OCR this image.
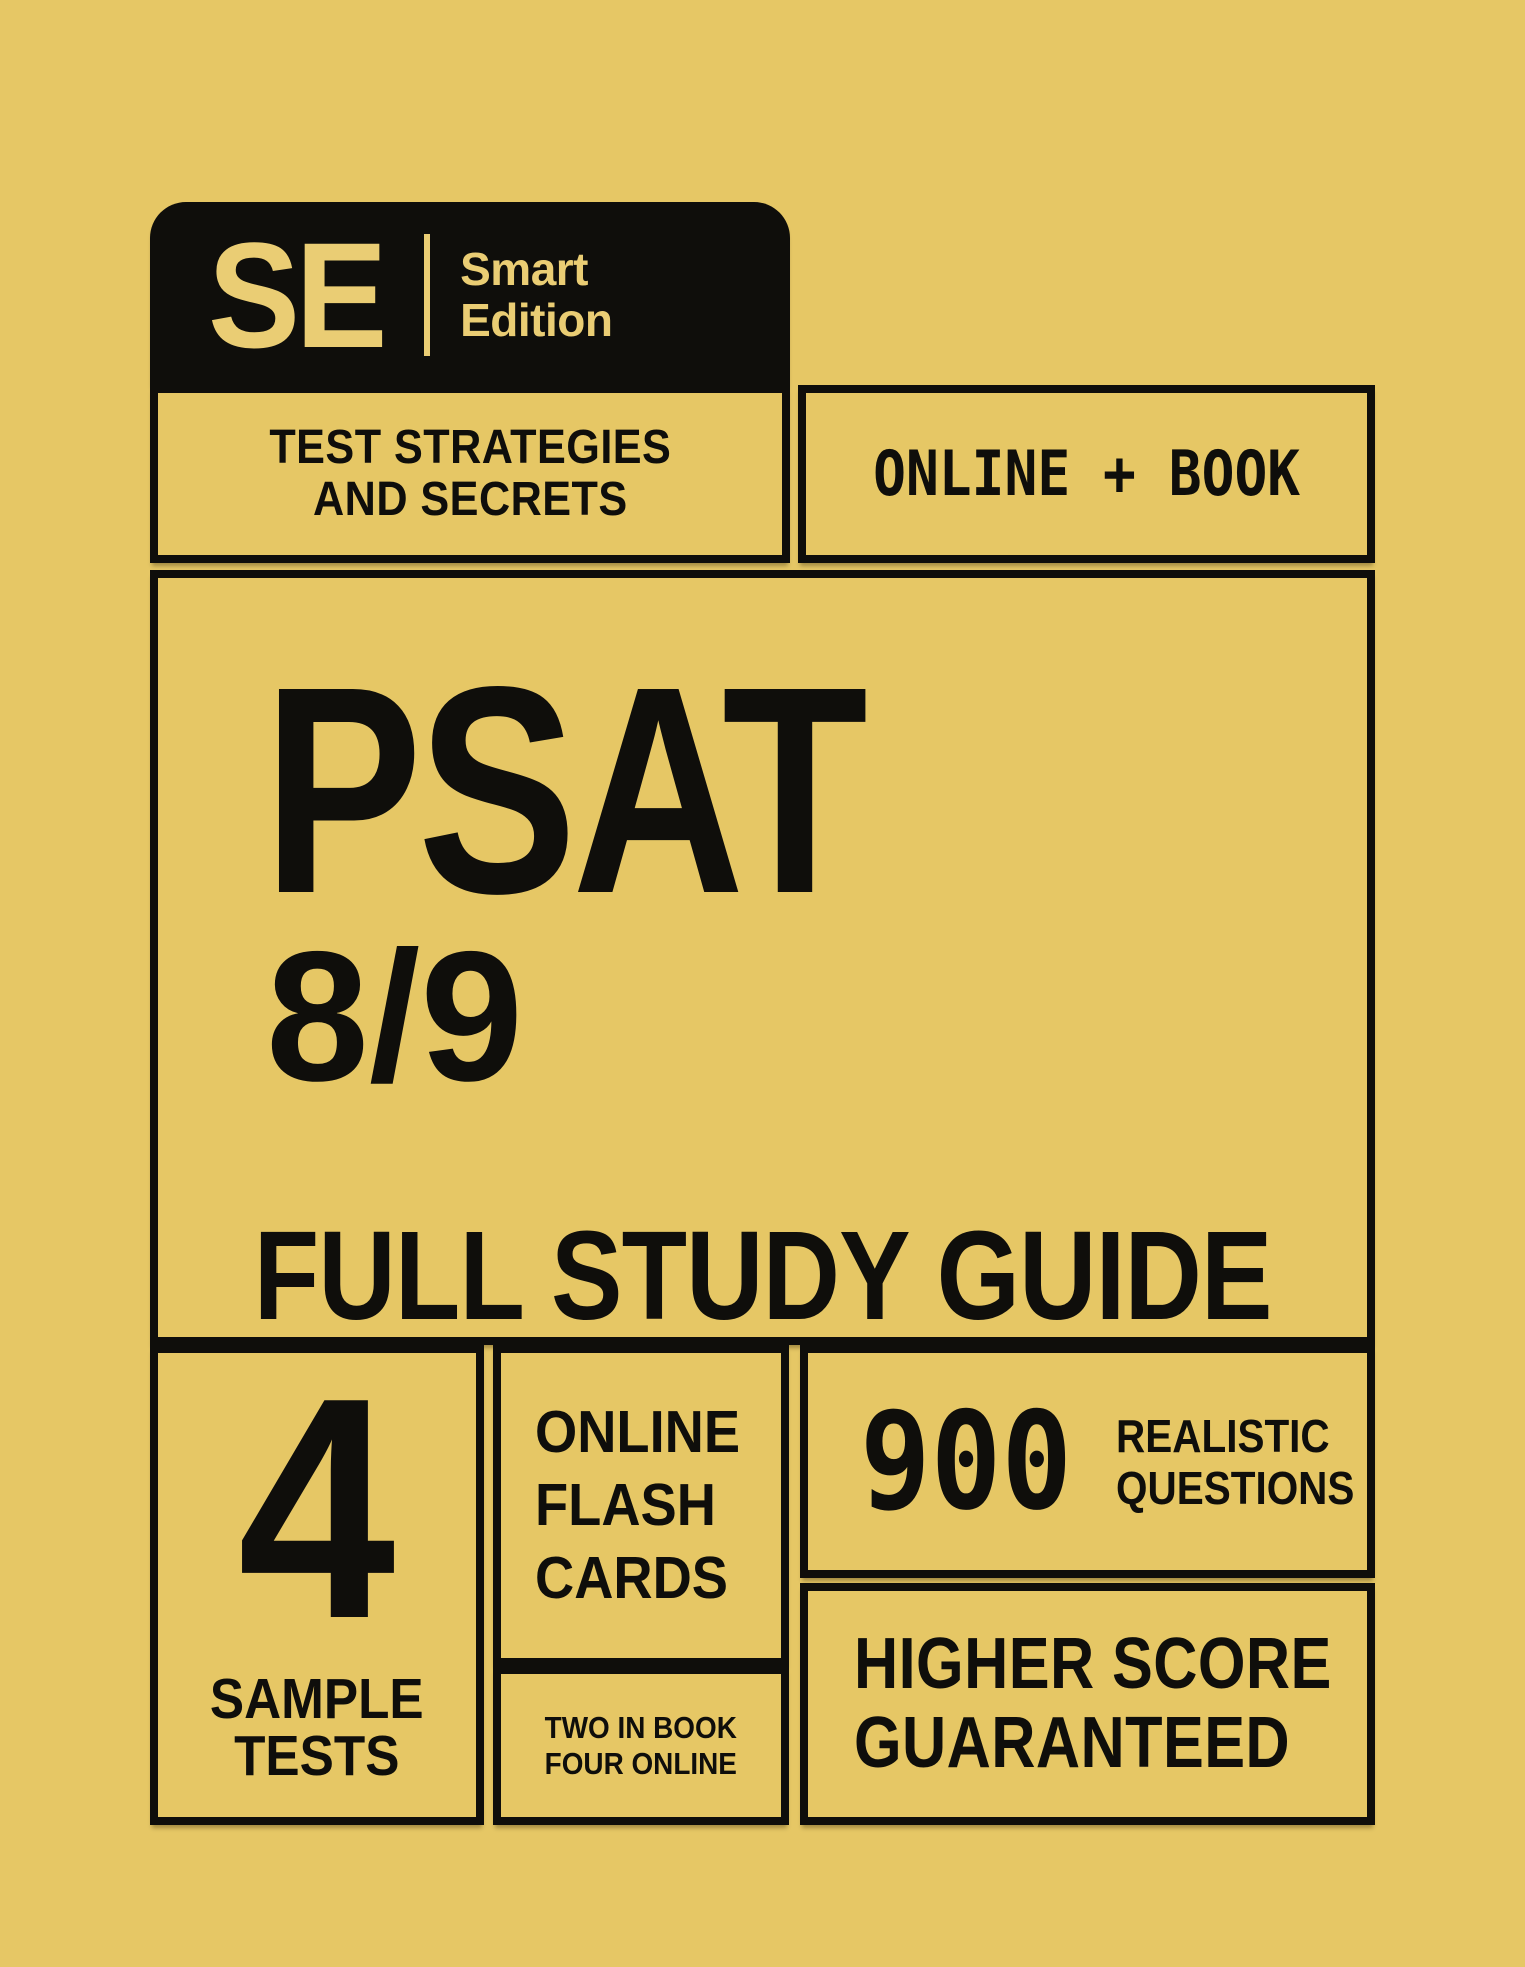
SE Smart
Edition
TEST STRATEGIES
AND SECRETS	ONLINE + BOOK
PSAT
8/9
FULL STUDY GUIDE
4
SAMPLE
TESTS
ONLINE
FLASH
CARDS
TWO IN BOOK
FOUR ONLINE
900 REALISTIC
QUESTIONS
HIGHER SCORE
GUARANTEED
